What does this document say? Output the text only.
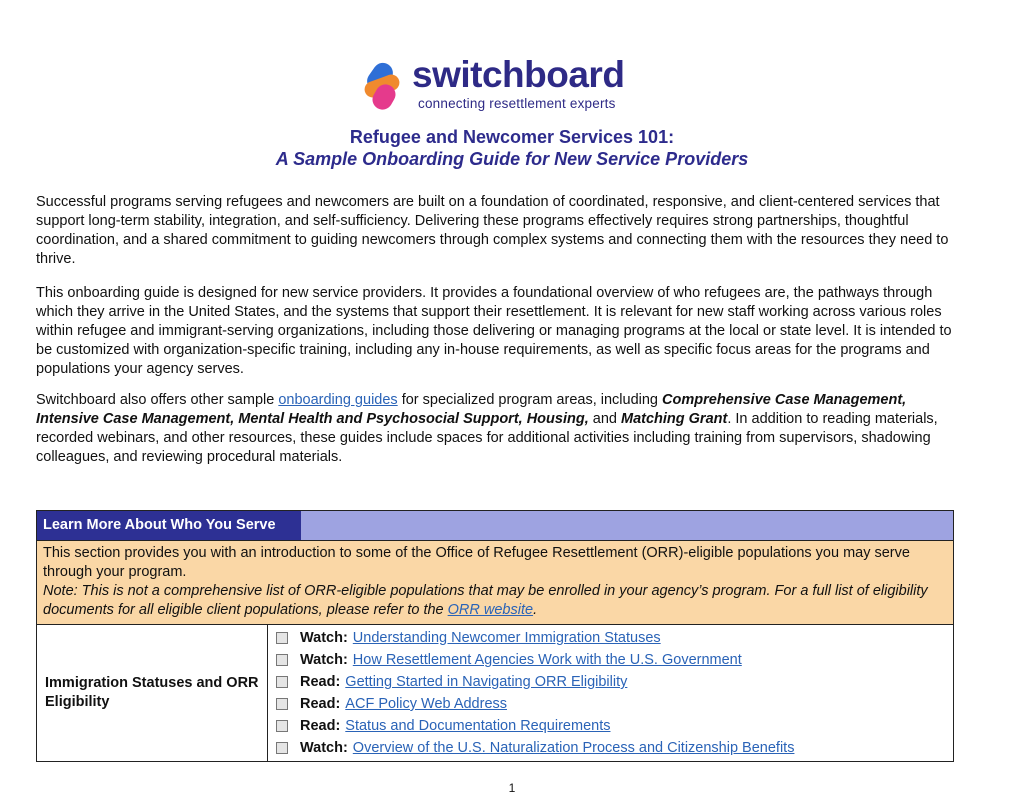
switchboard
connecting resettlement experts
Refugee and Newcomer Services 101:
A Sample Onboarding Guide for New Service Providers
Successful programs serving refugees and newcomers are built on a foundation of coordinated, responsive, and client-centered services that support long-term stability, integration, and self-sufficiency. Delivering these programs effectively requires strong partnerships, thoughtful coordination, and a shared commitment to guiding newcomers through complex systems and connecting them with the resources they need to thrive.
This onboarding guide is designed for new service providers. It provides a foundational overview of who refugees are, the pathways through which they arrive in the United States, and the systems that support their resettlement. It is relevant for new staff working across various roles within refugee and immigrant-serving organizations, including those delivering or managing programs at the local or state level. It is intended to be customized with organization-specific training, including any in-house requirements, as well as specific focus areas for the programs and populations your agency serves.
Switchboard also offers other sample onboarding guides for specialized program areas, including Comprehensive Case Management, Intensive Case Management, Mental Health and Psychosocial Support, Housing, and Matching Grant. In addition to reading materials, recorded webinars, and other resources, these guides include spaces for additional activities including training from supervisors, shadowing colleagues, and reviewing procedural materials.
Learn More About Who You Serve
This section provides you with an introduction to some of the Office of Refugee Resettlement (ORR)-eligible populations you may serve through your program.
Note: This is not a comprehensive list of ORR-eligible populations that may be enrolled in your agency’s program. For a full list of eligibility documents for all eligible client populations, please refer to the ORR website.
Immigration Statuses and ORR Eligibility
Watch: Understanding Newcomer Immigration Statuses
Watch: How Resettlement Agencies Work with the U.S. Government
Read: Getting Started in Navigating ORR Eligibility
Read: ACF Policy Web Address
Read: Status and Documentation Requirements
Watch: Overview of the U.S. Naturalization Process and Citizenship Benefits
1
